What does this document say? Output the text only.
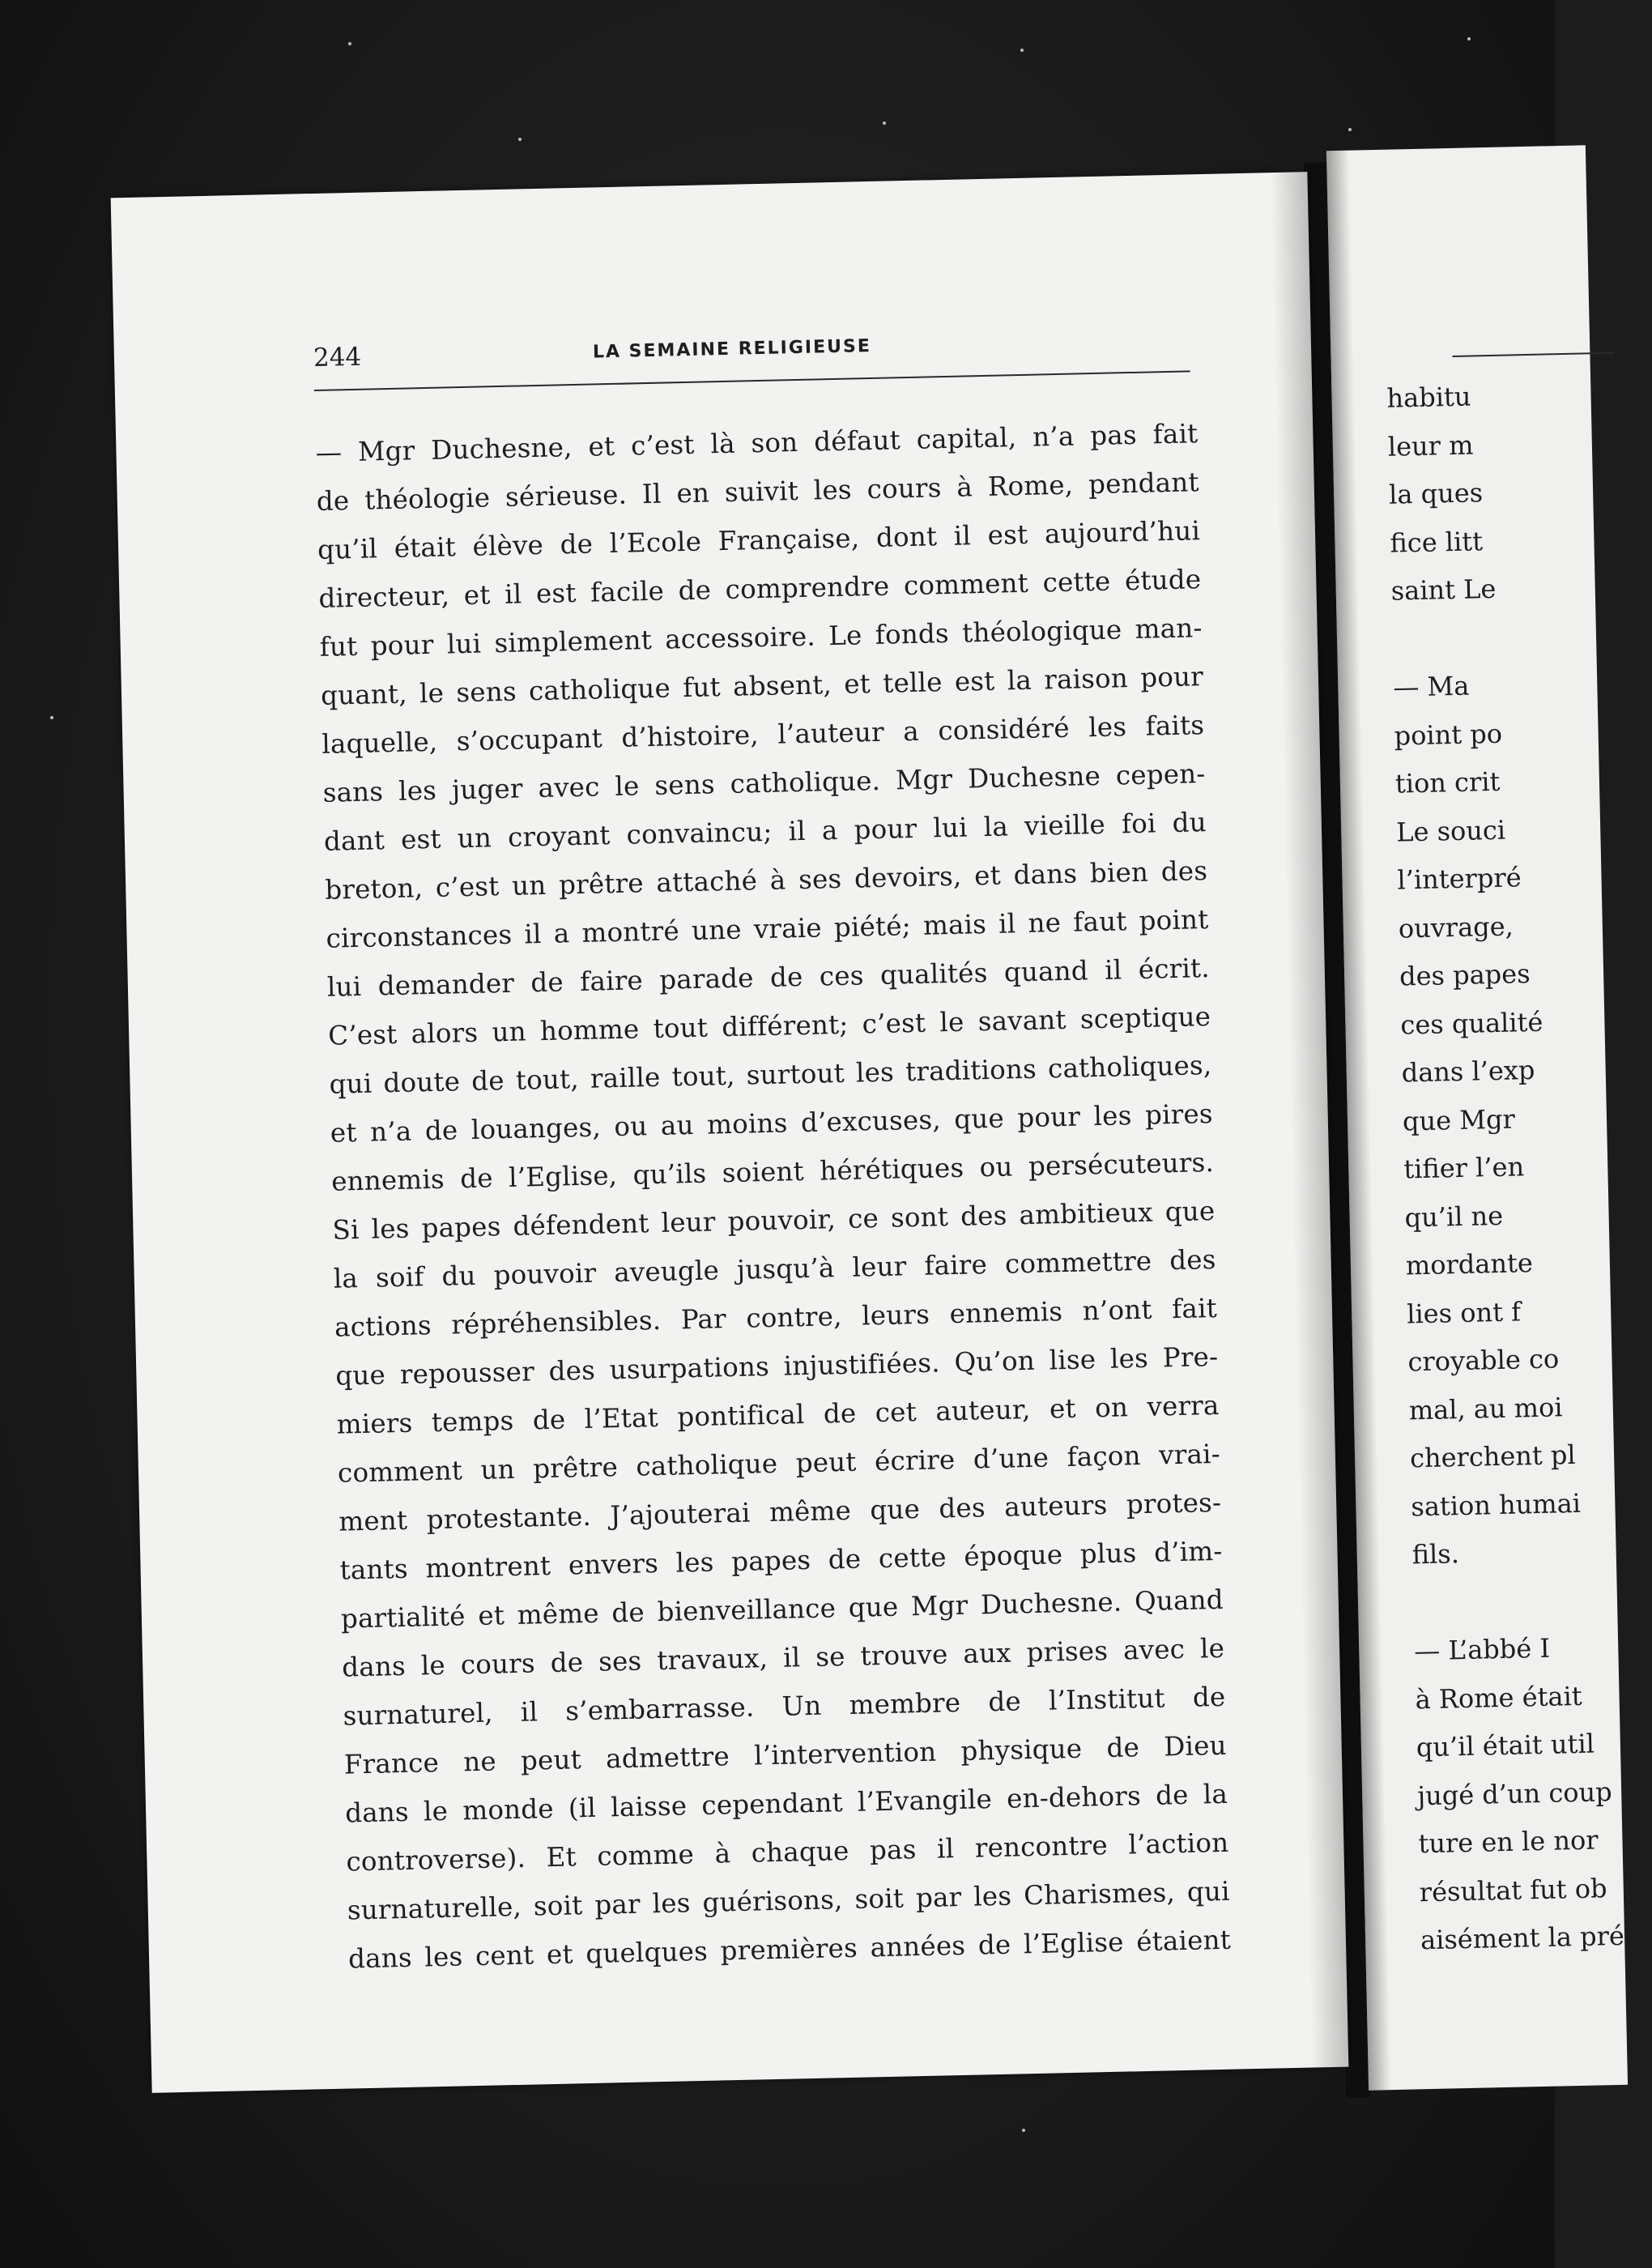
244	LA SEMAINE RELIGIEUSE
— Mgr Duchesne, et c’est là son défaut capital, n’a pas fait
de théologie sérieuse. Il en suivit les cours à Rome, pendant
qu’il était élève de l’Ecole Française, dont il est aujourd’hui
directeur, et il est facile de comprendre comment cette étude
fut pour lui simplement accessoire. Le fonds théologique man-
quant, le sens catholique fut absent, et telle est la raison pour
laquelle, s’occupant d’histoire, l’auteur a considéré les faits
sans les juger avec le sens catholique. Mgr Duchesne cepen-
dant est un croyant convaincu; il a pour lui la vieille foi du
breton, c’est un prêtre attaché à ses devoirs, et dans bien des
circonstances il a montré une vraie piété; mais il ne faut point
lui demander de faire parade de ces qualités quand il écrit.
C’est alors un homme tout différent; c’est le savant sceptique
qui doute de tout, raille tout, surtout les traditions catholiques,
et n’a de louanges, ou au moins d’excuses, que pour les pires
ennemis de l’Eglise, qu’ils soient hérétiques ou persécuteurs.
Si les papes défendent leur pouvoir, ce sont des ambitieux que
la soif du pouvoir aveugle jusqu’à leur faire commettre des
actions répréhensibles. Par contre, leurs ennemis n’ont fait
que repousser des usurpations injustifiées. Qu’on lise les Pre-
miers temps de l’Etat pontifical de cet auteur, et on verra
comment un prêtre catholique peut écrire d’une façon vrai-
ment protestante. J’ajouterai même que des auteurs protes-
tants montrent envers les papes de cette époque plus d’im-
partialité et même de bienveillance que Mgr Duchesne. Quand
dans le cours de ses travaux, il se trouve aux prises avec le
surnaturel, il s’embarrasse. Un membre de l’Institut de
France ne peut admettre l’intervention physique de Dieu
dans le monde (il laisse cependant l’Evangile en-dehors de la
controverse). Et comme à chaque pas il rencontre l’action
surnaturelle, soit par les guérisons, soit par les Charismes, qui
dans les cent et quelques premières années de l’Eglise étaient
habitu
leur m
la ques
fice litt
saint Le
— Ma
point po
tion crit
Le souci
l’interpré
ouvrage,
des papes
ces qualité
dans l’exp
que Mgr
tifier l’en
qu’il ne
mordante
lies ont f
croyable co
mal, au moi
cherchent pl
sation humai
fils.
— L’abbé I
à Rome était
qu’il était util
jugé d’un coup
ture en le nor
résultat fut ob
aisément la pré
